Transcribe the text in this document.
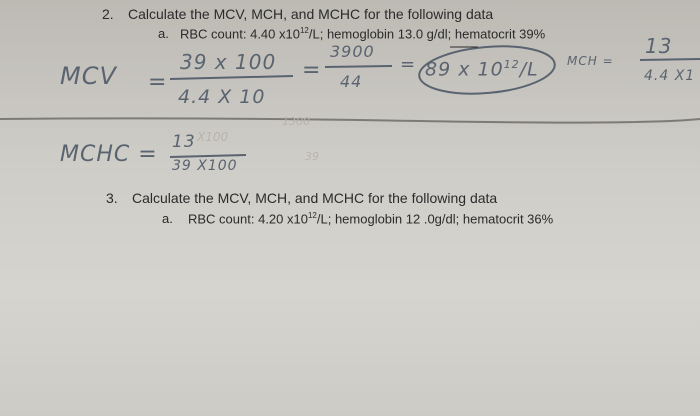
2. Calculate the MCV, MCH, and MCHC for the following data
a. RBC count: 4.40 $x10^{12}/L$; hemoglobin 13.0 g/dl; hematocrit 39%
MCV =
39 x 100
4.4 X 10
=
3900
44
= 89 x $10^{12}/L$ MCH =
13
4.4 X1
MCHC = 13
39 X100
X100
1300
39
3. Calculate the MCV, MCH, and MCHC for the following data
a. RBC count: 4.20 $x10^{12}/L$; hemoglobin 12 .0g/dl; hematocrit 36%
